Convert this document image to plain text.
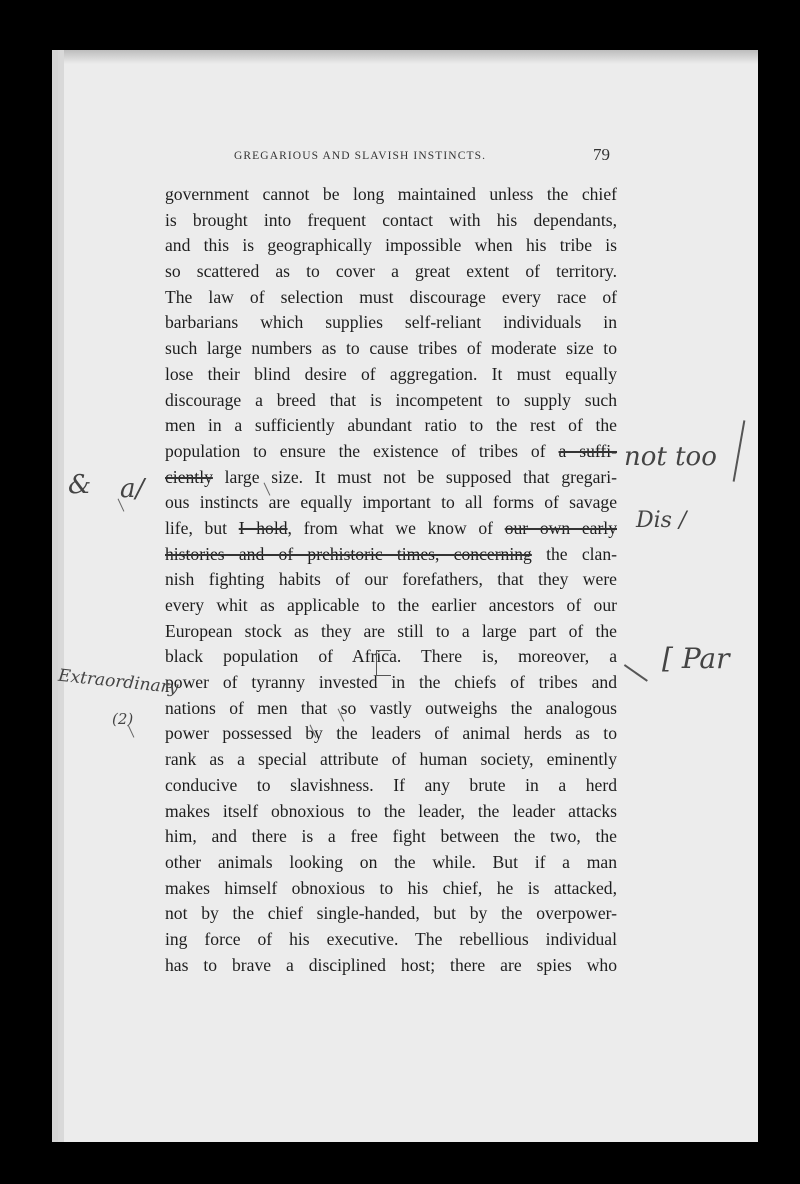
GREGARIOUS AND SLAVISH INSTINCTS.	79
government cannot be long maintained unless the chief
is brought into frequent contact with his dependants,
and this is geographically impossible when his tribe is
so scattered as to cover a great extent of territory.
The law of selection must discourage every race of
barbarians which supplies self-reliant individuals in
such large numbers as to cause tribes of moderate size to
lose their blind desire of aggregation. It must equally
discourage a breed that is incompetent to supply such
men in a sufficiently abundant ratio to the rest of the
population to ensure the existence of tribes of a suffi-
ciently large size. It must not be supposed that gregari-
ous instincts are equally important to all forms of savage
life, but I hold, from what we know of our own early
histories and of prehistoric times, concerning the clan-
nish fighting habits of our forefathers, that they were
every whit as applicable to the earlier ancestors of our
European stock as they are still to a large part of the
black population of Africa. There is, moreover, a
power of tyranny invested in the chiefs of tribes and
nations of men that so vastly outweighs the analogous
power possessed by the leaders of animal herds as to
rank as a special attribute of human society, eminently
conducive to slavishness. If any brute in a herd
makes itself obnoxious to the leader, the leader attacks
him, and there is a free fight between the two, the
other animals looking on the while. But if a man
makes himself obnoxious to his chief, he is attacked,
not by the chief single-handed, but by the overpower-
ing force of his executive. The rebellious individual
has to brave a disciplined host; there are spies who
not too
& a/
Dis /
Extraordinary
(2)
[ Par
